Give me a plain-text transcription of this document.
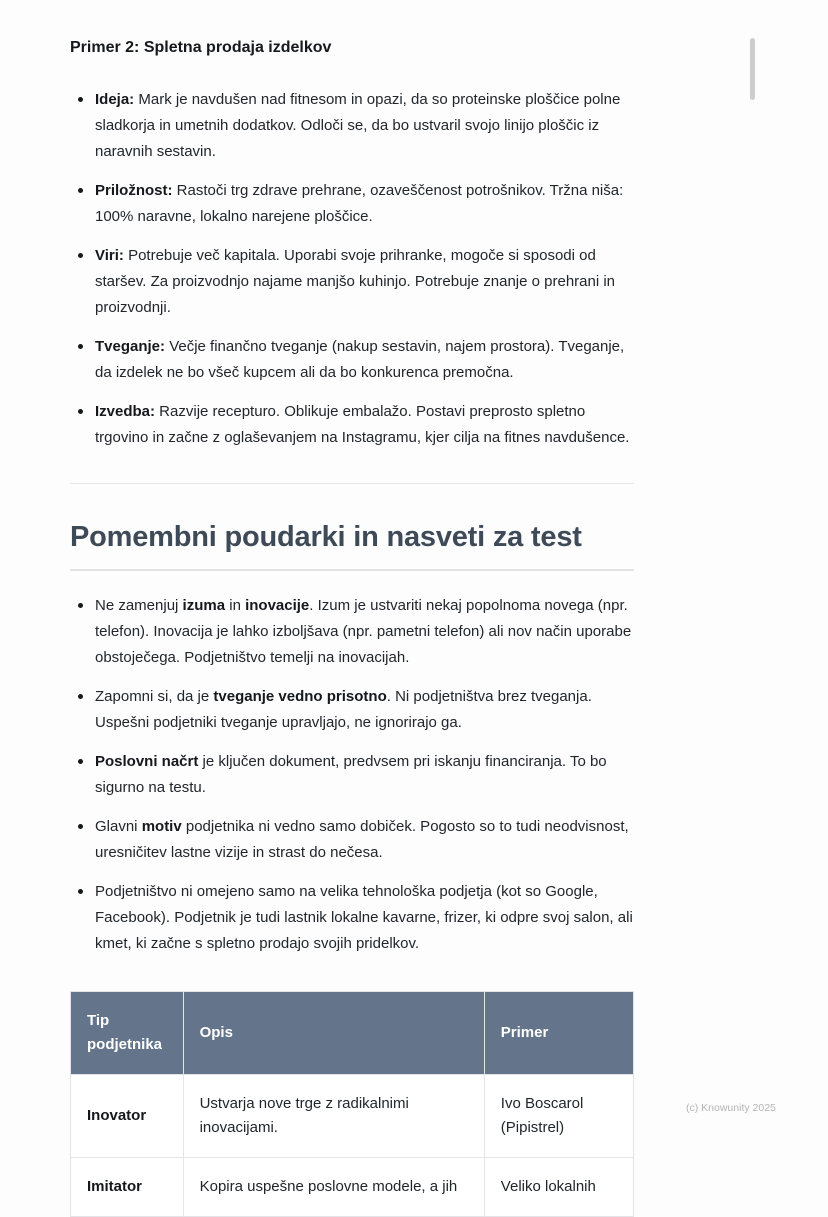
Primer 2: Spletna prodaja izdelkov
Ideja: Mark je navdušen nad fitnesom in opazi, da so proteinske ploščice polne sladkorja in umetnih dodatkov. Odloči se, da bo ustvaril svojo linijo ploščic iz naravnih sestavin.
Priložnost: Rastoči trg zdrave prehrane, ozaveščenost potrošnikov. Tržna niša: 100% naravne, lokalno narejene ploščice.
Viri: Potrebuje več kapitala. Uporabi svoje prihranke, mogoče si sposodi od staršev. Za proizvodnjo najame manjšo kuhinjo. Potrebuje znanje o prehrani in proizvodnji.
Tveganje: Večje finančno tveganje (nakup sestavin, najem prostora). Tveganje, da izdelek ne bo všeč kupcem ali da bo konkurenca premočna.
Izvedba: Razvije recepturo. Oblikuje embalažo. Postavi preprosto spletno trgovino in začne z oglaševanjem na Instagramu, kjer cilja na fitnes navdušence.
Pomembni poudarki in nasveti za test
Ne zamenjuj izuma in inovacije. Izum je ustvariti nekaj popolnoma novega (npr. telefon). Inovacija je lahko izboljšava (npr. pametni telefon) ali nov način uporabe obstoječega. Podjetništvo temelji na inovacijah.
Zapomni si, da je tveganje vedno prisotno. Ni podjetništva brez tveganja. Uspešni podjetniki tveganje upravljajo, ne ignorirajo ga.
Poslovni načrt je ključen dokument, predvsem pri iskanju financiranja. To bo sigurno na testu.
Glavni motiv podjetnika ni vedno samo dobiček. Pogosto so to tudi neodvisnost, uresničitev lastne vizije in strast do nečesa.
Podjetništvo ni omejeno samo na velika tehnološka podjetja (kot so Google, Facebook). Podjetnik je tudi lastnik lokalne kavarne, frizer, ki odpre svoj salon, ali kmet, ki začne s spletno prodajo svojih pridelkov.
Tip podjetnika	Opis	Primer
Inovator	Ustvarja nove trge z radikalnimi inovacijami.	Ivo Boscarol (Pipistrel)
Imitator	Kopira uspešne poslovne modele, a jih	Veliko lokalnih
(c) Knowunity 2025
